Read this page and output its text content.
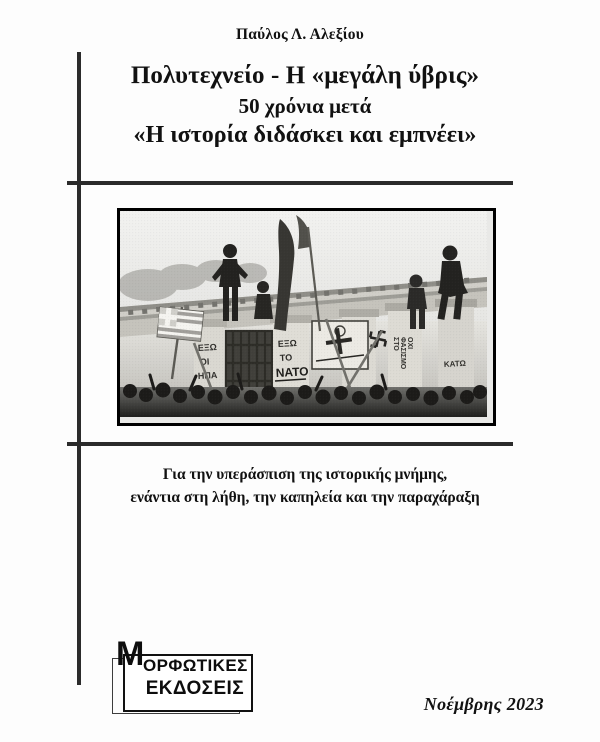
Παύλος Λ. Αλεξίου
Πολυτεχνείο - Η «μεγάλη ύβρις»
50 χρόνια μετά
«Η ιστορία διδάσκει και εμπνέει»
Για την υπεράσπιση της ιστορικής μνήμης,
ενάντια στη λήθη, την καπηλεία και την παραχάραξη
Μ
ΟΡΦΩΤΙΚΕΣ
ΕΚΔΟΣΕΙΣ
Νοέμβρης 2023
